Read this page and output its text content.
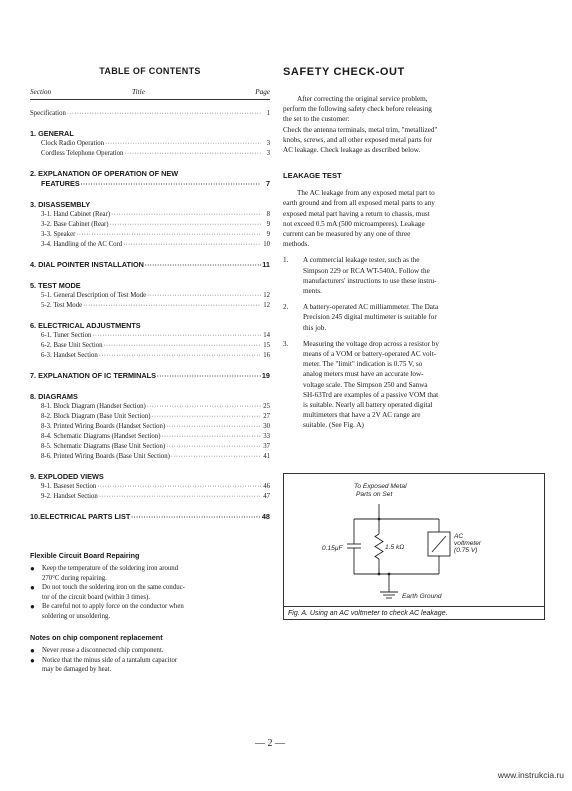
TABLE OF CONTENTS
Section	Title	Page
Specification ·····	1
1. GENERAL
Clock Radio Operation ·····	3
Cordless Telephone Operation ·····	3
2. EXPLANATION OF OPERATION OF NEW
FEATURES ·····	7
3. DISASSEMBLY
3-1. Hand Cabinet (Rear) ·····	8
3-2. Base Cabinet (Rear) ·····	9
3-3. Speaker ·····	9
3-4. Handling of the AC Cord ·····	10
4. DIAL POINTER INSTALLATION ·····	11
5. TEST MODE
5-1. General Description of Test Mode ·····	12
5-2. Test Mode ·····	12
6. ELECTRICAL ADJUSTMENTS
6-1. Tuner Section ·····	14
6-2. Base Unit Section ·····	15
6-3. Handset Section ·····	16
7. EXPLANATION OF IC TERMINALS ·····	19
8. DIAGRAMS
8-1. Block Diagram (Handset Section) ·····	25
8-2. Block Diagram (Base Unit Section) ·····	27
8-3. Printed Wiring Boards (Handset Section) ·····	30
8-4. Schematic Diagrams (Handset Section) ·····	33
8-5. Schematic Diagrams (Base Unit Section) ·····	37
8-6. Printed Wiring Boards (Base Unit Section) ·····	41
9. EXPLODED VIEWS
9-1. Baseset Section ·····	46
9-2. Handset Section ·····	47
10.ELECTRICAL PARTS LIST ·····	48
Flexible Circuit Board Repairing
●	Keep the temperature of the soldering iron around
270°C during repairing.
●	Do not touch the soldering iron on the same conduc-
tor of the circuit board (within 3 times).
●	Be careful not to apply force on the conductor when
soldering or unsoldering.
Notes on chip component replacement
●	Never reuse a disconnected chip component.
●	Notice that the minus side of a tantalum capacitor
may be damaged by heat.
SAFETY CHECK-OUT
After correcting the original service problem,
perform the following safety check before releasing
the set to the customer:
Check the antenna terminals, metal trim, "metallized"
knobs, screws, and all other exposed metal parts for
AC leakage. Check leakage as described below.
LEAKAGE TEST
The AC leakage from any exposed metal part to
earth ground and from all exposed metal parts to any
exposed metal part having a return to chassis, must
not exceed 0.5 mA (500 microamperes). Leakage
current can be measured by any one of three
methods.
1.	A commercial leakage tester, such as the
Simpson 229 or RCA WT-540A. Follow the
manufacturers' instructions to use these instru-
ments.
2.	A battery-operated AC milliammeter. The Data
Precision 245 digital multimeter is suitable for
this job.
3.	Measuring the voltage drop across a resistor by
means of a VOM or battery-operated AC volt-
meter. The "limit" indication is 0.75 V, so
analog meters must have an accurate low-
voltage scale. The Simpson 250 and Sanwa
SH-63Trd are examples of a passive VOM that
is suitable. Nearly all battery operated digital
multimeters that have a 2V AC range are
suitable. (See Fig. A)
To Exposed Metal
Parts on Set
0.15μF	1.5 kΩ
AC
voltmeter
(0.75 V)
Earth Ground
Fig. A. Using an AC voltmeter to check AC leakage.
— 2 —
www.instrukcia.ru
